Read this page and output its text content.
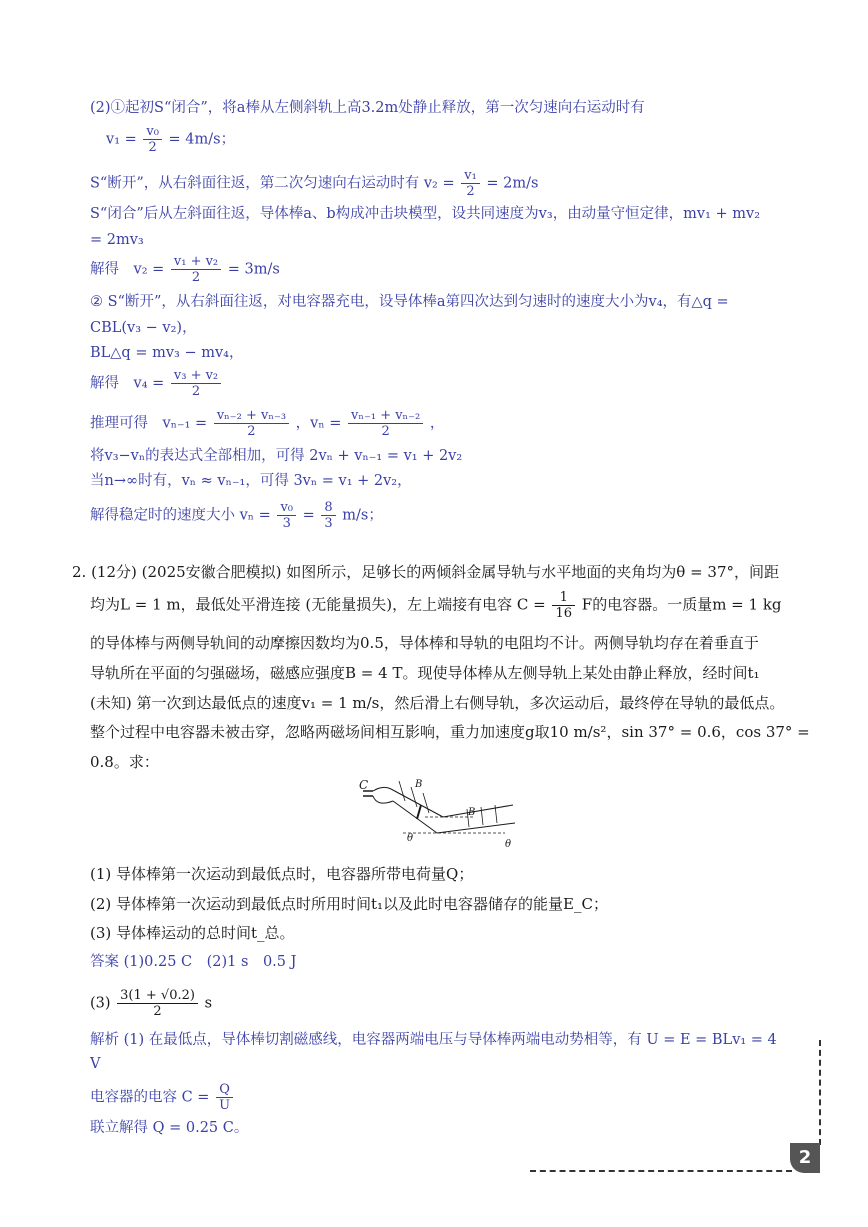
(2)①起初S“闭合”，将a棒从左侧斜轨上高3.2m处静止释放，第一次匀速向右运动时有
$v_1 = \frac{\text{v₀}}{2} = 4m/s$；
S“断开”，从右斜面往返，第二次匀速向右运动时有 $v_2 = \frac{\text{v₁}}{2} = 2m/s$
S“闭合”后从左斜面往返，导体棒a、b构成冲击块模型，设共同速度为v₃，由动量守恒定律，mv₁ + mv₂
= 2mv₃
解得　$v_2 = \frac{\text{v₁ + v₂}}{2} = 3m/s$
② S“断开”，从右斜面往返，对电容器充电，设导体棒a第四次达到匀速时的速度大小为v₄，有△q =
CBL(v₃ − v₂)，
BL△q = mv₃ − mv₄，
解得　$v_4 = \frac{\text{v₃ + v₂}}{2}$
推理可得　$v_{n-1} = \frac{\text{vₙ₋₂ + vₙ₋₃}}{2}$ ，$v_n = \frac{\text{vₙ₋₁ + vₙ₋₂}}{2}$ ，
将v₃−vₙ的表达式全部相加，可得 2vₙ + vₙ₋₁ = v₁ + 2v₂
当n→∞时有，vₙ ≈ vₙ₋₁，可得 3vₙ = v₁ + 2v₂，
解得稳定时的速度大小 $v_n = \frac{\text{v₀}}{3} = \frac{8}{3} m/s$；
2. (12分) (2025安徽合肥模拟) 如图所示，足够长的两倾斜金属导轨与水平地面的夹角均为θ = 37°，间距
均为L = 1 m，最低处平滑连接 (无能量损失)，左上端接有电容 $C = \frac{1}{16}$ F的电容器。一质量m = 1 kg
的导体棒与两侧导轨间的动摩擦因数均为0.5，导体棒和导轨的电阻均不计。两侧导轨均存在着垂直于
导轨所在平面的匀强磁场，磁感应强度B = 4 T。现使导体棒从左侧导轨上某处由静止释放，经时间t₁
(未知) 第一次到达最低点的速度v₁ = 1 m/s，然后滑上右侧导轨，多次运动后，最终停在导轨的最低点。
整个过程中电容器未被击穿，忽略两磁场间相互影响，重力加速度g取10 m/s²，sin 37° = 0.6，cos 37° =
0.8。求：
C	B
B
θ
θ
(1) 导体棒第一次运动到最低点时，电容器所带电荷量Q；
(2) 导体棒第一次运动到最低点时所用时间t₁以及此时电容器储存的能量E_C；
(3) 导体棒运动的总时间t_总。
答案 (1)0.25 C　(2)1 s　0.5 J
$(3) \frac{3(1 + √0.2)}{2}$ s
解析 (1) 在最低点，导体棒切割磁感线，电容器两端电压与导体棒两端电动势相等，有 U = E = BLv₁ = 4
V
电容器的电容 $C = \frac{Q}{U}$
联立解得 Q = 0.25 C。
2
